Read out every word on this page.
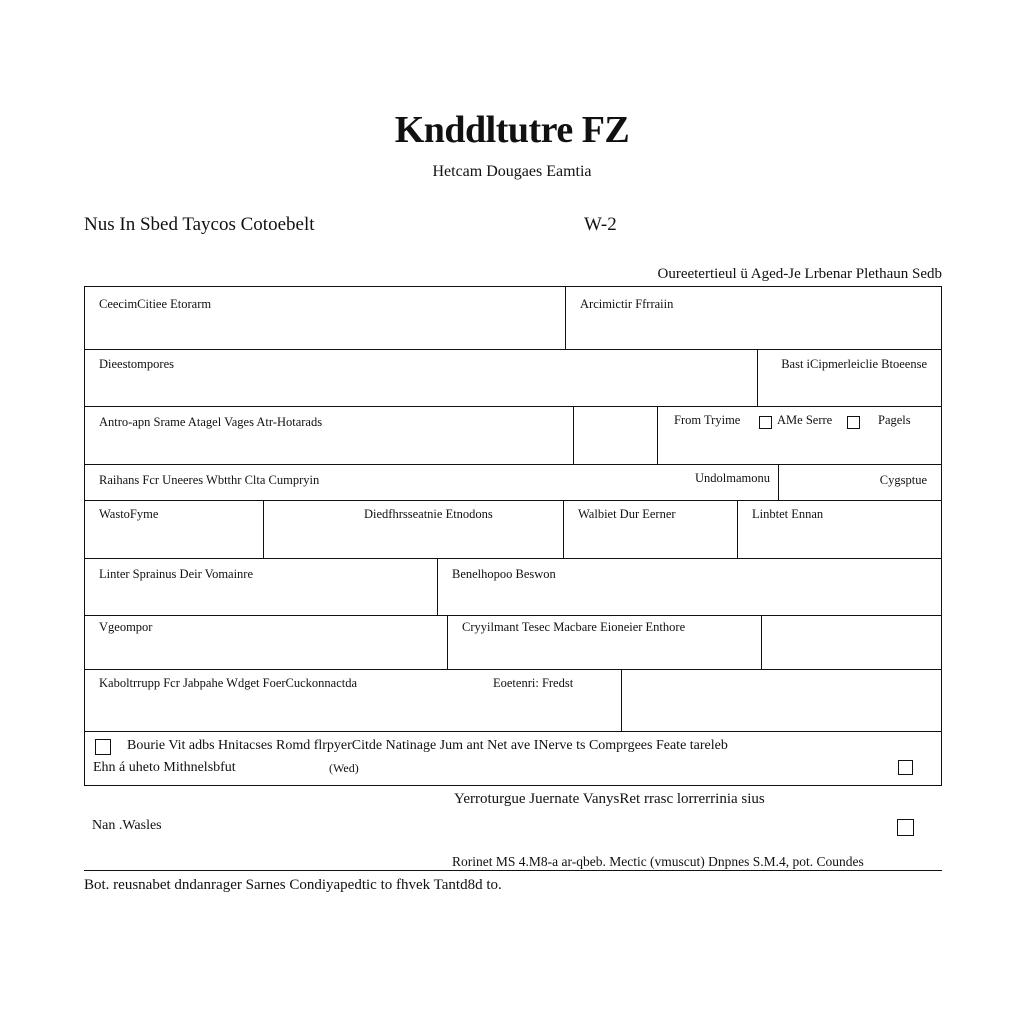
Knddltutre FZ
Hetcam Dougaes Eamtia
Nus In Sbed Taycos Cotoebelt	W-2
Oureetertieul ü Aged-Je Lrbenar Plethaun Sedb
CeecimCitiee Etorarm	Arcimictir Ffrraiin
Dieestompores	Bast iCipmerleiclie Btoeense
Antro-apn Srame Atagel Vages Atr-Hotarads	From Tryime	AMe Serre	Pagels
Raihans Fcr Uneeres Wbtthr Clta Cumpryin	Undolmamonu	Cygsptue
WastoFyme	Diedfhrsseatnie Etnodons	Walbiet Dur Eerner	Linbtet Ennan
Linter Sprainus Deir Vomainre	Benelhopoo Beswon
Vgeompor	Cryyilmant Tesec Macbare Eioneier Enthore
Kaboltrrupp Fcr Jabpahe Wdget FoerCuckonnactda	Eoetenri: Fredst
Bourie Vit adbs Hnitacses Romd flrpyerCitde Natinage Jum ant Net ave INerve ts Comprgees Feate tareleb
Ehn á uheto Mithnelsbfut	(Wed)
Yerroturgue Juernate VanysRet rrasc lorrerrinia sius
Nan .Wasles
Rorinet MS 4.M8-a ar-qbeb. Mectic (vmuscut) Dnpnes S.M.4, pot. Coundes
Bot. reusnabet dndanrager Sarnes Condiyapedtic to fhvek Tantd8d to.
